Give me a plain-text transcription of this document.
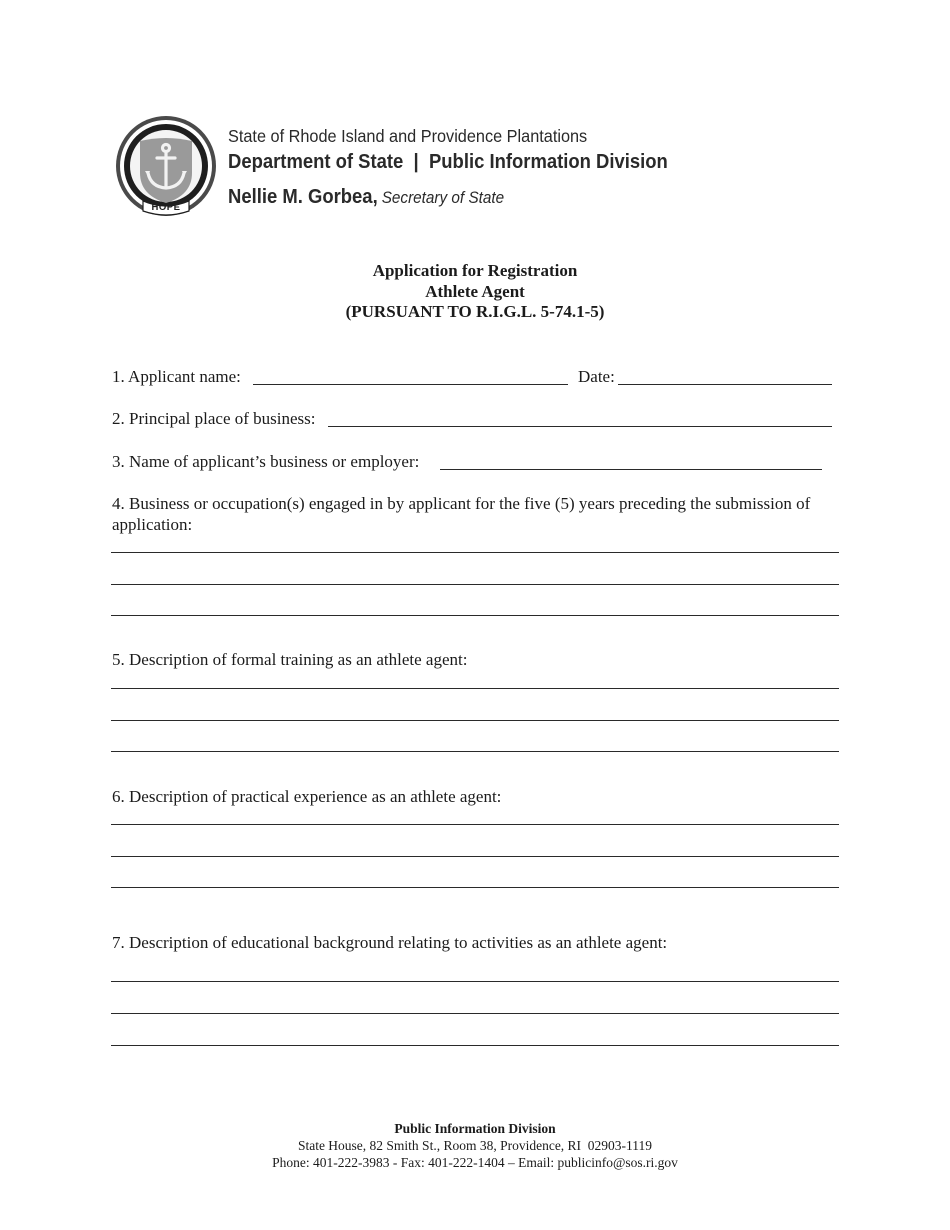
HOPE
State of Rhode Island and Providence Plantations
Department of State  |  Public Information Division
Nellie M. Gorbea, Secretary of State
Application for Registration
Athlete Agent
(PURSUANT TO R.I.G.L. 5-74.1-5)
1. Applicant name:	Date:
2. Principal place of business:
3. Name of applicant’s business or employer:
4. Business or occupation(s) engaged in by applicant for the five (5) years preceding the submission of application:
5. Description of formal training as an athlete agent:
6. Description of practical experience as an athlete agent:
7. Description of educational background relating to activities as an athlete agent:
Public Information Division
State House, 82 Smith St., Room 38, Providence, RI  02903-1119
Phone: 401-222-3983 - Fax: 401-222-1404 – Email: publicinfo@sos.ri.gov
